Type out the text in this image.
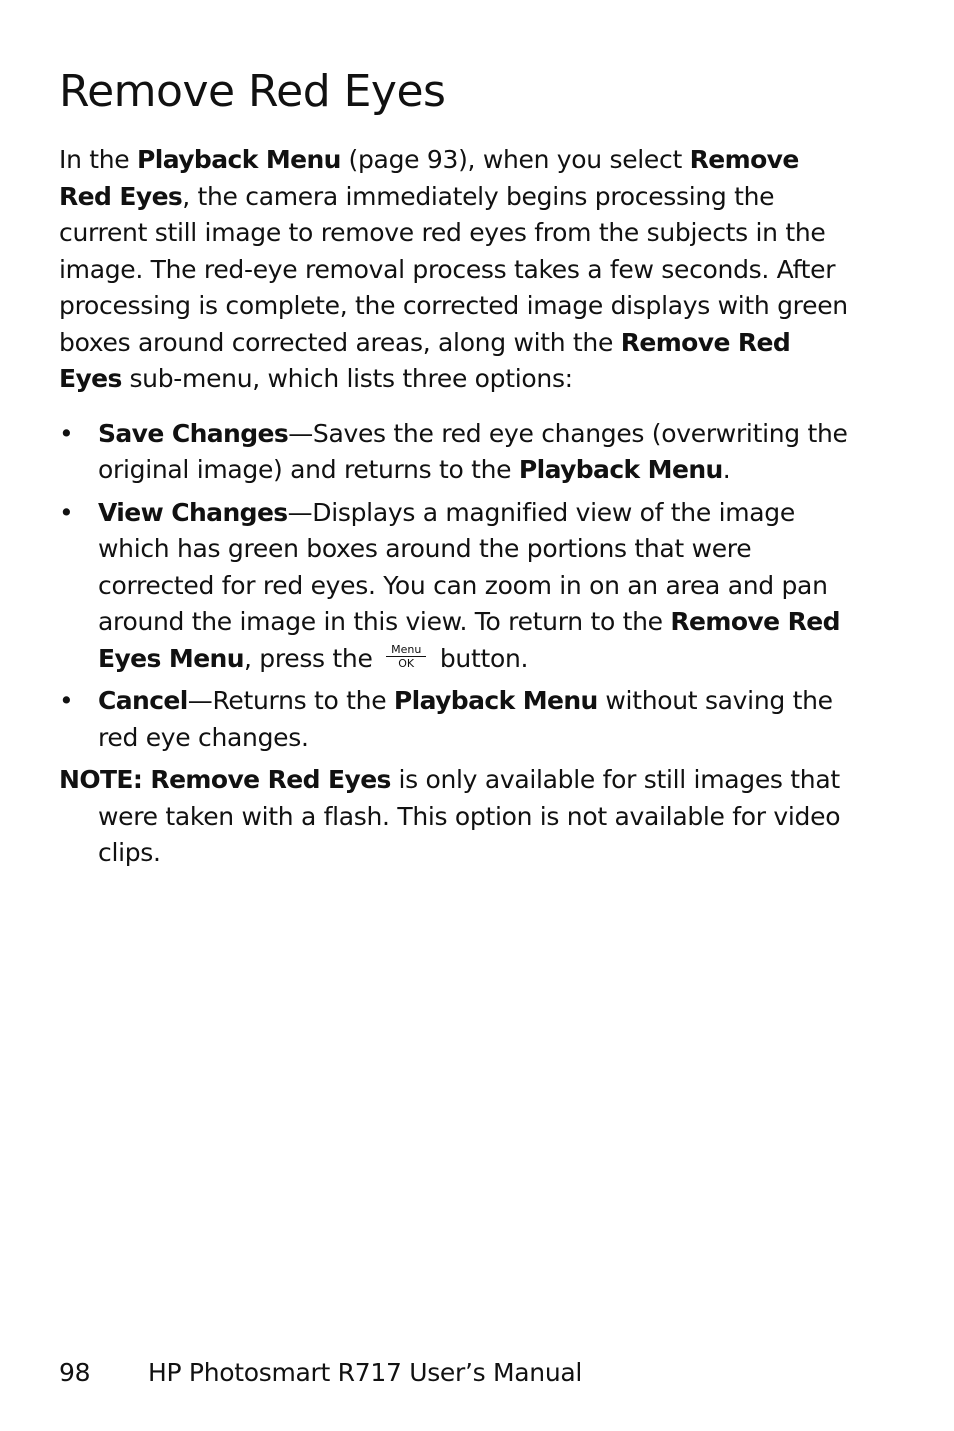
Remove Red Eyes

In the Playback Menu (page 93), when you select Remove Red Eyes, the camera immediately begins processing the current still image to remove red eyes from the subjects in the image. The red-eye removal process takes a few seconds. After processing is complete, the corrected image displays with green boxes around corrected areas, along with the Remove Red Eyes sub-menu, which lists three options:

• Save Changes—Saves the red eye changes (overwriting the original image) and returns to the Playback Menu.
• View Changes—Displays a magnified view of the image which has green boxes around the portions that were corrected for red eyes. You can zoom in on an area and pan around the image in this view. To return to the Remove Red Eyes Menu, press the Menu
OK button.
• Cancel—Returns to the Playback Menu without saving the red eye changes.

NOTE: Remove Red Eyes is only available for still images that were taken with a flash. This option is not available for video clips.

98 HP Photosmart R717 User’s Manual
